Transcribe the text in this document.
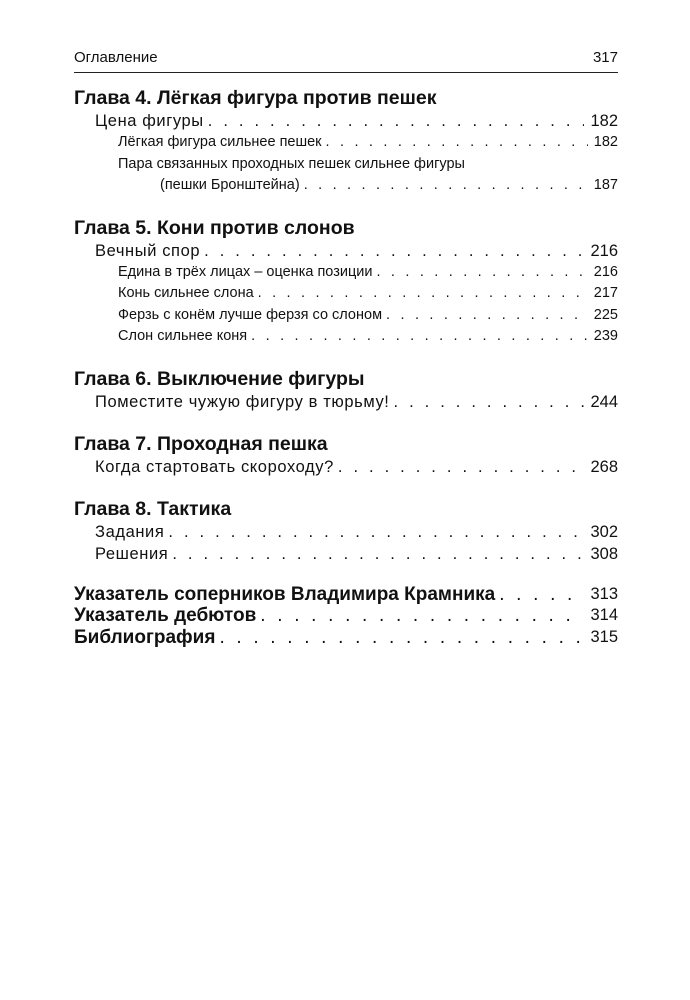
Оглавление	317
Глава 4. Лёгкая фигура против пешек
Цена фигуры . . .	182
Лёгкая фигура сильнее пешек . . .	182
Пара связанных проходных пешек сильнее фигуры
(пешки Бронштейна) . . .	187
Глава 5. Кони против слонов
Вечный спор . . .	216
Едина в трёх лицах – оценка позиции . . .	216
Конь сильнее слона . . .	217
Ферзь с конём лучше ферзя со слоном . . .	225
Слон сильнее коня . . .	239
Глава 6. Выключение фигуры
Поместите чужую фигуру в тюрьму! . . .	244
Глава 7. Проходная пешка
Когда стартовать скороходу? . . .	268
Глава 8. Тактика
Задания . . .	302
Решения . . .	308
Указатель соперников Владимира Крамника . . .	313
Указатель дебютов . . .	314
Библиография . . .	315
